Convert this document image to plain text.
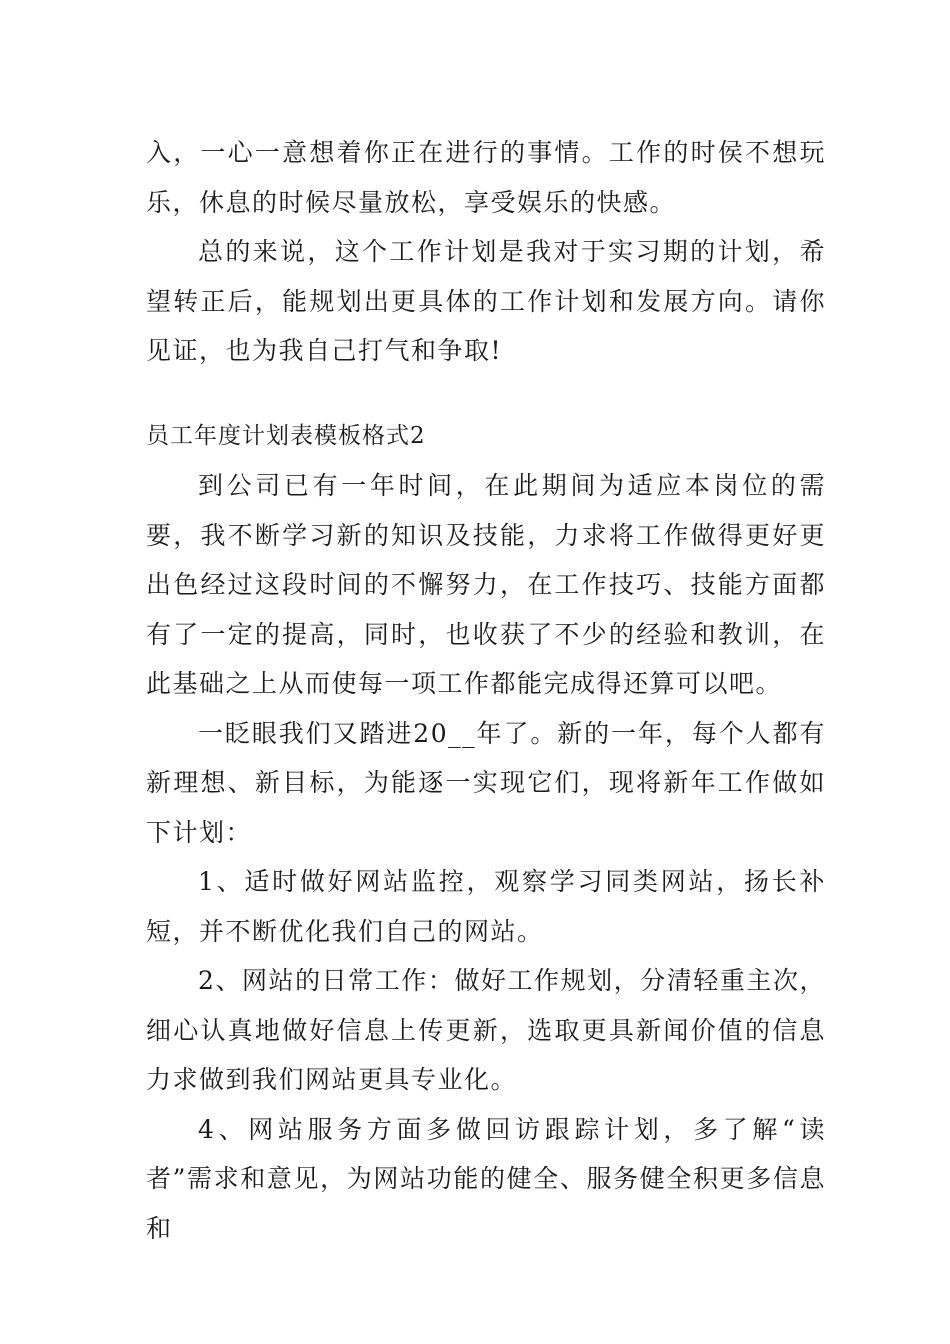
入，一心一意想着你正在进行的事情。工作的时侯不想玩乐，休息的时候尽量放松，享受娱乐的快感。

总的来说，这个工作计划是我对于实习期的计划，希望转正后，能规划出更具体的工作计划和发展方向。请你见证，也为我自己打气和争取!

员工年度计划表模板格式2

到公司已有一年时间，在此期间为适应本岗位的需要，我不断学习新的知识及技能，力求将工作做得更好更出色经过这段时间的不懈努力，在工作技巧、技能方面都有了一定的提高，同时，也收获了不少的经验和教训，在此基础之上从而使每一项工作都能完成得还算可以吧。

一眨眼我们又踏进20__年了。新的一年，每个人都有新理想、新目标，为能逐一实现它们，现将新年工作做如下计划：

1、适时做好网站监控，观察学习同类网站，扬长补短，并不断优化我们自己的网站。

2、网站的日常工作：做好工作规划，分清轻重主次，细心认真地做好信息上传更新，选取更具新闻价值的信息力求做到我们网站更具专业化。

4、网站服务方面多做回访跟踪计划，多了解“读者”需求和意见，为网站功能的健全、服务健全积更多信息和
